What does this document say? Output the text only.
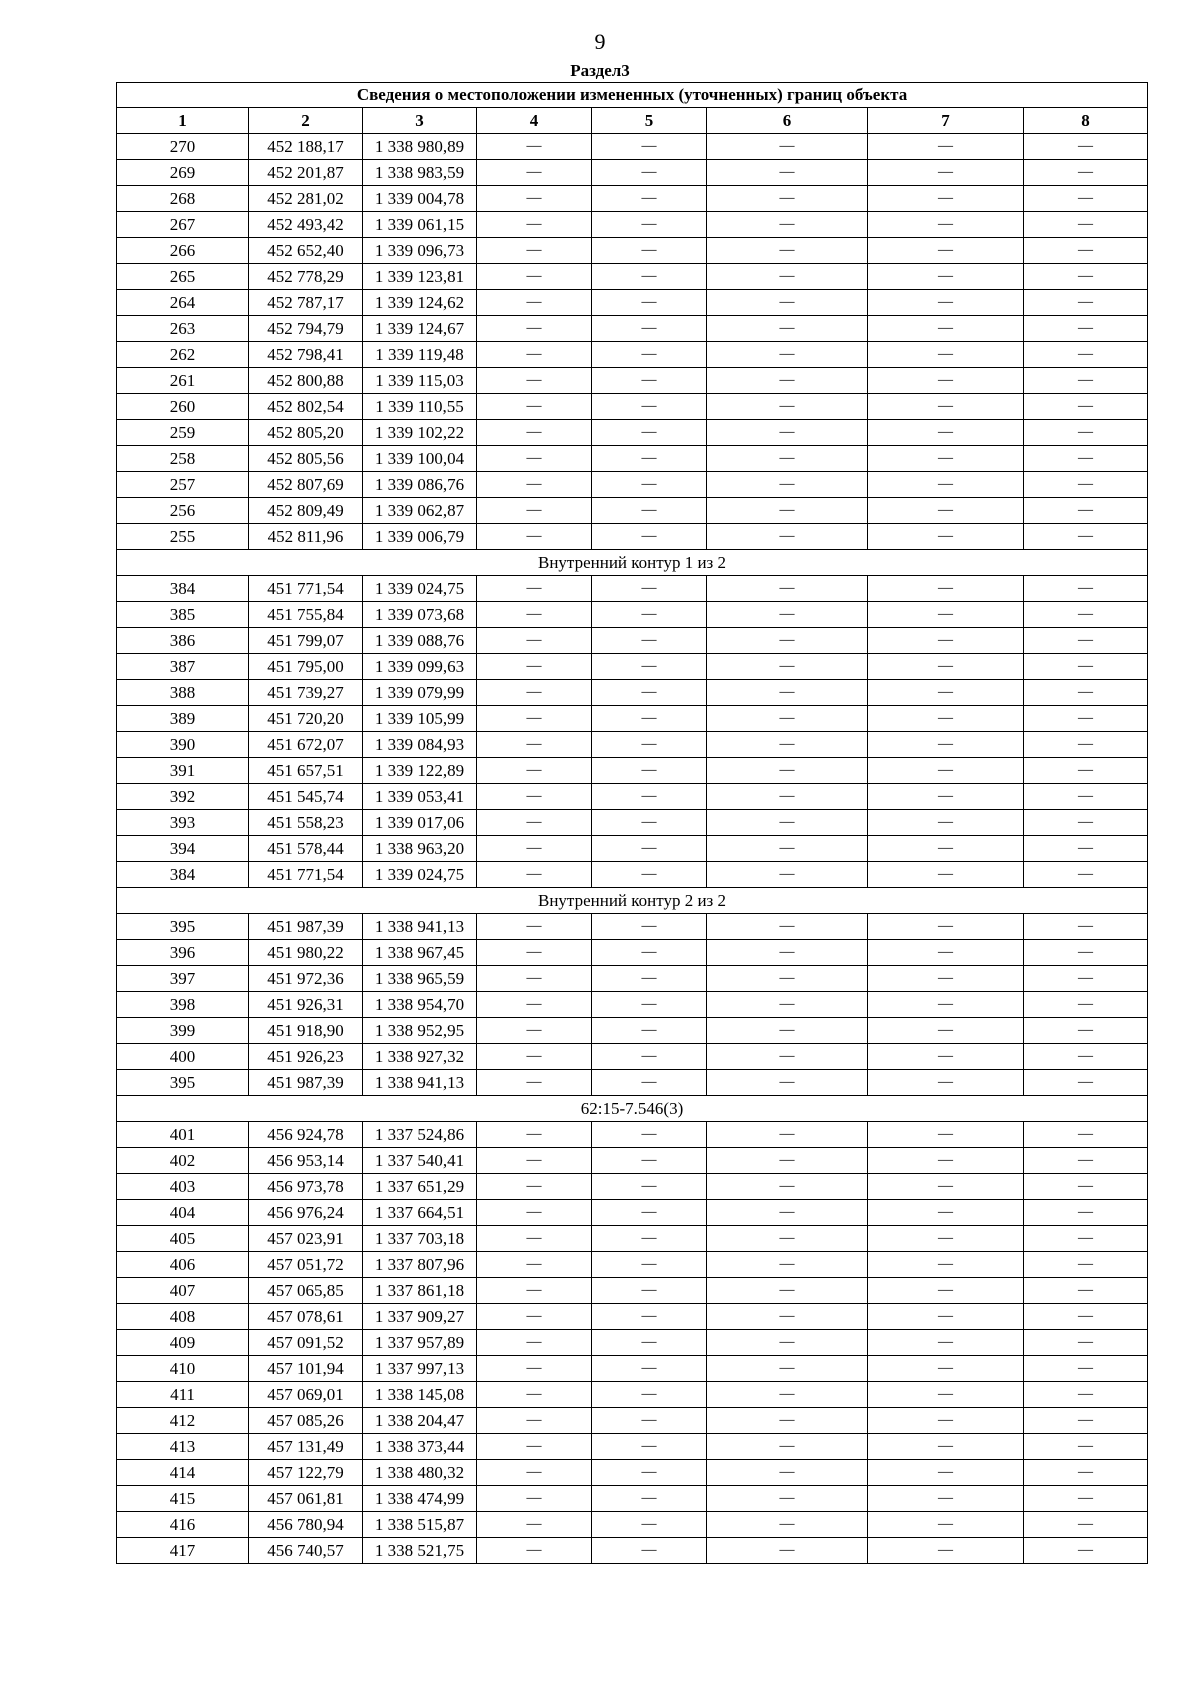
9
Раздел3
Сведения о местоположении измененных (уточненных) границ объекта							
1	2	3	4	5	6	7	8
270	452 188,17	1 338 980,89	—	—	—	—	—
269	452 201,87	1 338 983,59	—	—	—	—	—
268	452 281,02	1 339 004,78	—	—	—	—	—
267	452 493,42	1 339 061,15	—	—	—	—	—
266	452 652,40	1 339 096,73	—	—	—	—	—
265	452 778,29	1 339 123,81	—	—	—	—	—
264	452 787,17	1 339 124,62	—	—	—	—	—
263	452 794,79	1 339 124,67	—	—	—	—	—
262	452 798,41	1 339 119,48	—	—	—	—	—
261	452 800,88	1 339 115,03	—	—	—	—	—
260	452 802,54	1 339 110,55	—	—	—	—	—
259	452 805,20	1 339 102,22	—	—	—	—	—
258	452 805,56	1 339 100,04	—	—	—	—	—
257	452 807,69	1 339 086,76	—	—	—	—	—
256	452 809,49	1 339 062,87	—	—	—	—	—
255	452 811,96	1 339 006,79	—	—	—	—	—
Внутренний контур 1 из 2							
384	451 771,54	1 339 024,75	—	—	—	—	—
385	451 755,84	1 339 073,68	—	—	—	—	—
386	451 799,07	1 339 088,76	—	—	—	—	—
387	451 795,00	1 339 099,63	—	—	—	—	—
388	451 739,27	1 339 079,99	—	—	—	—	—
389	451 720,20	1 339 105,99	—	—	—	—	—
390	451 672,07	1 339 084,93	—	—	—	—	—
391	451 657,51	1 339 122,89	—	—	—	—	—
392	451 545,74	1 339 053,41	—	—	—	—	—
393	451 558,23	1 339 017,06	—	—	—	—	—
394	451 578,44	1 338 963,20	—	—	—	—	—
384	451 771,54	1 339 024,75	—	—	—	—	—
Внутренний контур 2 из 2							
395	451 987,39	1 338 941,13	—	—	—	—	—
396	451 980,22	1 338 967,45	—	—	—	—	—
397	451 972,36	1 338 965,59	—	—	—	—	—
398	451 926,31	1 338 954,70	—	—	—	—	—
399	451 918,90	1 338 952,95	—	—	—	—	—
400	451 926,23	1 338 927,32	—	—	—	—	—
395	451 987,39	1 338 941,13	—	—	—	—	—
62:15-7.546(3)							
401	456 924,78	1 337 524,86	—	—	—	—	—
402	456 953,14	1 337 540,41	—	—	—	—	—
403	456 973,78	1 337 651,29	—	—	—	—	—
404	456 976,24	1 337 664,51	—	—	—	—	—
405	457 023,91	1 337 703,18	—	—	—	—	—
406	457 051,72	1 337 807,96	—	—	—	—	—
407	457 065,85	1 337 861,18	—	—	—	—	—
408	457 078,61	1 337 909,27	—	—	—	—	—
409	457 091,52	1 337 957,89	—	—	—	—	—
410	457 101,94	1 337 997,13	—	—	—	—	—
411	457 069,01	1 338 145,08	—	—	—	—	—
412	457 085,26	1 338 204,47	—	—	—	—	—
413	457 131,49	1 338 373,44	—	—	—	—	—
414	457 122,79	1 338 480,32	—	—	—	—	—
415	457 061,81	1 338 474,99	—	—	—	—	—
416	456 780,94	1 338 515,87	—	—	—	—	—
417	456 740,57	1 338 521,75	—	—	—	—	—
